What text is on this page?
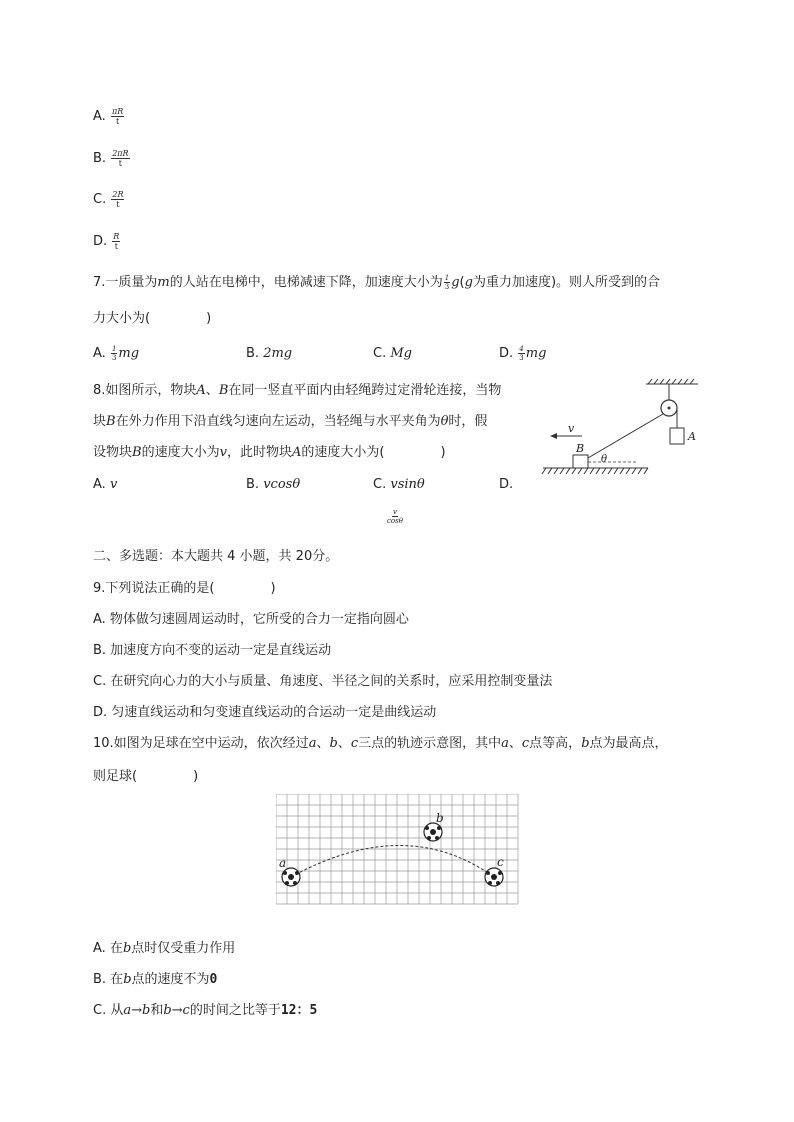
A. $\frac{\pi R}{t}$
B. $\frac{2\pi R}{t}$
C. $\frac{2R}{t}$
D. $\frac{R}{t}$
7.一质量为m的人站在电梯中，电梯减速下降，加速度大小为 $\frac{1}{3} g(g$为重力加速度)。则人所受到的合
力大小为(	)
A. $\frac{1}{3}$ mg	B. 2mg	C. Mg	D. $\frac{4}{3}$ mg
8.如图所示，物块A、B在同一竖直平面内由轻绳跨过定滑轮连接，当物
块B在外力作用下沿直线匀速向左运动，当轻绳与水平夹角为θ时，假
设物块B的速度大小为v，此时物块A的速度大小为(	)
A. v	B. vcosθ	C. vsinθ	D.
$\frac{v}{\cos\theta}$
A
B
θ
v
二、多选题：本大题共 4 小题，共 20分。
9.下列说法正确的是(	)
A. 物体做匀速圆周运动时，它所受的合力一定指向圆心
B. 加速度方向不变的运动一定是直线运动
C. 在研究向心力的大小与质量、角速度、半径之间的关系时，应采用控制变量法
D. 匀速直线运动和匀变速直线运动的合运动一定是曲线运动
10.如图为足球在空中运动，依次经过a、b、c三点的轨迹示意图，其中a、c点等高，b点为最高点，
则足球(	)
a
b
c
A. 在b点时仅受重力作用
B. 在b点的速度不为0
C. 从a→b和b→c的时间之比等于12：5
